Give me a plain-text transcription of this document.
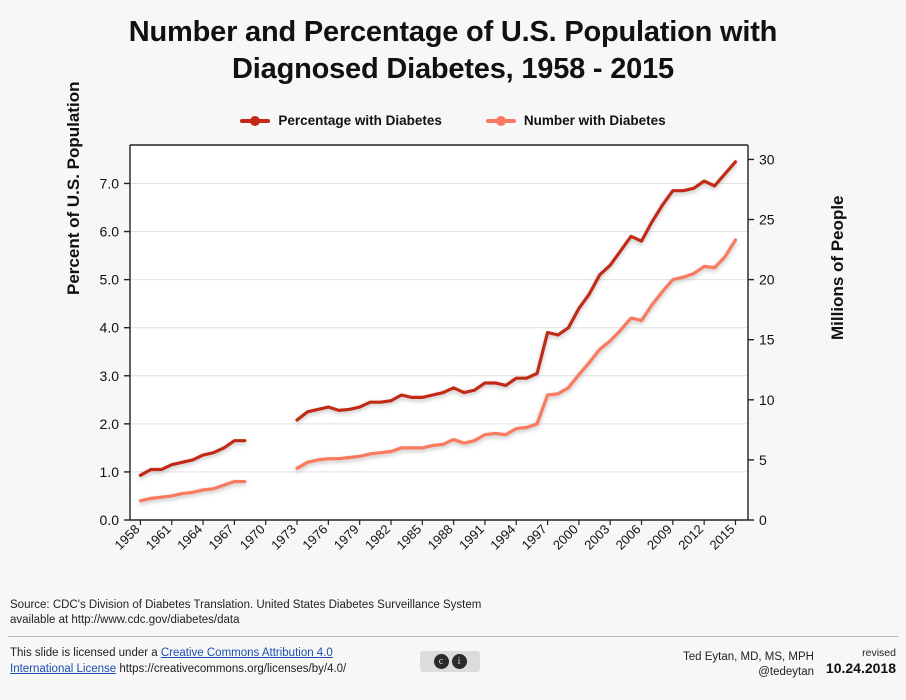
Number and Percentage of U.S. Population with
Diagnosed Diabetes, 1958 - 2015
Percentage with Diabetes	Number with Diabetes
Percent of U.S. Population	Millions of People
0.0
1.0
2.0
3.0
4.0
5.0
6.0
7.0
0
5
10
15
20
25
30
1958 1961 1964 1967 1970 1973 1976 1979 1982 1985 1988 1991 1994 1997 2000 2003 2006 2009 2012 2015
Source: CDC's Division of Diabetes Translation. United States Diabetes Surveillance System
available at http://www.cdc.gov/diabetes/data
This slide is licensed under a Creative Commons Attribution 4.0
International License https://creativecommons.org/licenses/by/4.0/
c	i	Ted Eytan, MD, MS, MPH
@tedeytan
revised
10.24.2018
